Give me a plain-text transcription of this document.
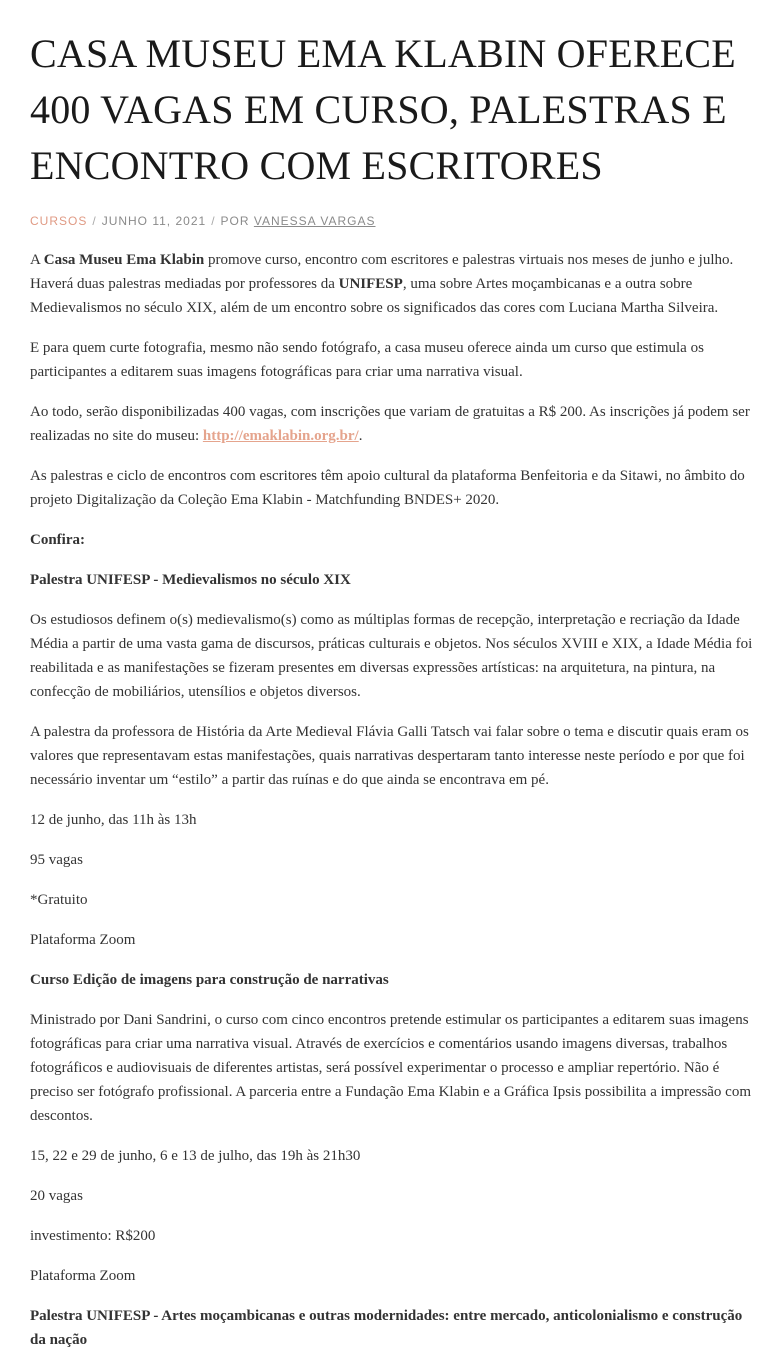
CASA MUSEU EMA KLABIN OFERECE 400 VAGAS EM CURSO, PALESTRAS E ENCONTRO COM ESCRITORES
CURSOS / JUNHO 11, 2021 / POR VANESSA VARGAS

A Casa Museu Ema Klabin promove curso, encontro com escritores e palestras virtuais nos meses de junho e julho. Haverá duas palestras mediadas por professores da UNIFESP, uma sobre Artes moçambicanas e a outra sobre Medievalismos no século XIX, além de um encontro sobre os significados das cores com Luciana Martha Silveira.

E para quem curte fotografia, mesmo não sendo fotógrafo, a casa museu oferece ainda um curso que estimula os participantes a editarem suas imagens fotográficas para criar uma narrativa visual.

Ao todo, serão disponibilizadas 400 vagas, com inscrições que variam de gratuitas a R$ 200. As inscrições já podem ser realizadas no site do museu: http://emaklabin.org.br/.

As palestras e ciclo de encontros com escritores têm apoio cultural da plataforma Benfeitoria e da Sitawi, no âmbito do projeto Digitalização da Coleção Ema Klabin - Matchfunding BNDES+ 2020.

Confira:

Palestra UNIFESP - Medievalismos no século XIX

Os estudiosos definem o(s) medievalismo(s) como as múltiplas formas de recepção, interpretação e recriação da Idade Média a partir de uma vasta gama de discursos, práticas culturais e objetos. Nos séculos XVIII e XIX, a Idade Média foi reabilitada e as manifestações se fizeram presentes em diversas expressões artísticas: na arquitetura, na pintura, na confecção de mobiliários, utensílios e objetos diversos.

A palestra da professora de História da Arte Medieval Flávia Galli Tatsch vai falar sobre o tema e discutir quais eram os valores que representavam estas manifestações, quais narrativas despertaram tanto interesse neste período e por que foi necessário inventar um “estilo” a partir das ruínas e do que ainda se encontrava em pé.

12 de junho, das 11h às 13h

95 vagas

*Gratuito

Plataforma Zoom

Curso Edição de imagens para construção de narrativas

Ministrado por Dani Sandrini, o curso com cinco encontros pretende estimular os participantes a editarem suas imagens fotográficas para criar uma narrativa visual. Através de exercícios e comentários usando imagens diversas, trabalhos fotográficos e audiovisuais de diferentes artistas, será possível experimentar o processo e ampliar repertório. Não é preciso ser fotógrafo profissional. A parceria entre a Fundação Ema Klabin e a Gráfica Ipsis possibilita a impressão com descontos.

15, 22 e 29 de junho, 6 e 13 de julho, das 19h às 21h30

20 vagas

investimento: R$200

Plataforma Zoom

Palestra UNIFESP - Artes moçambicanas e outras modernidades: entre mercado, anticolonialismo e construção da nação
